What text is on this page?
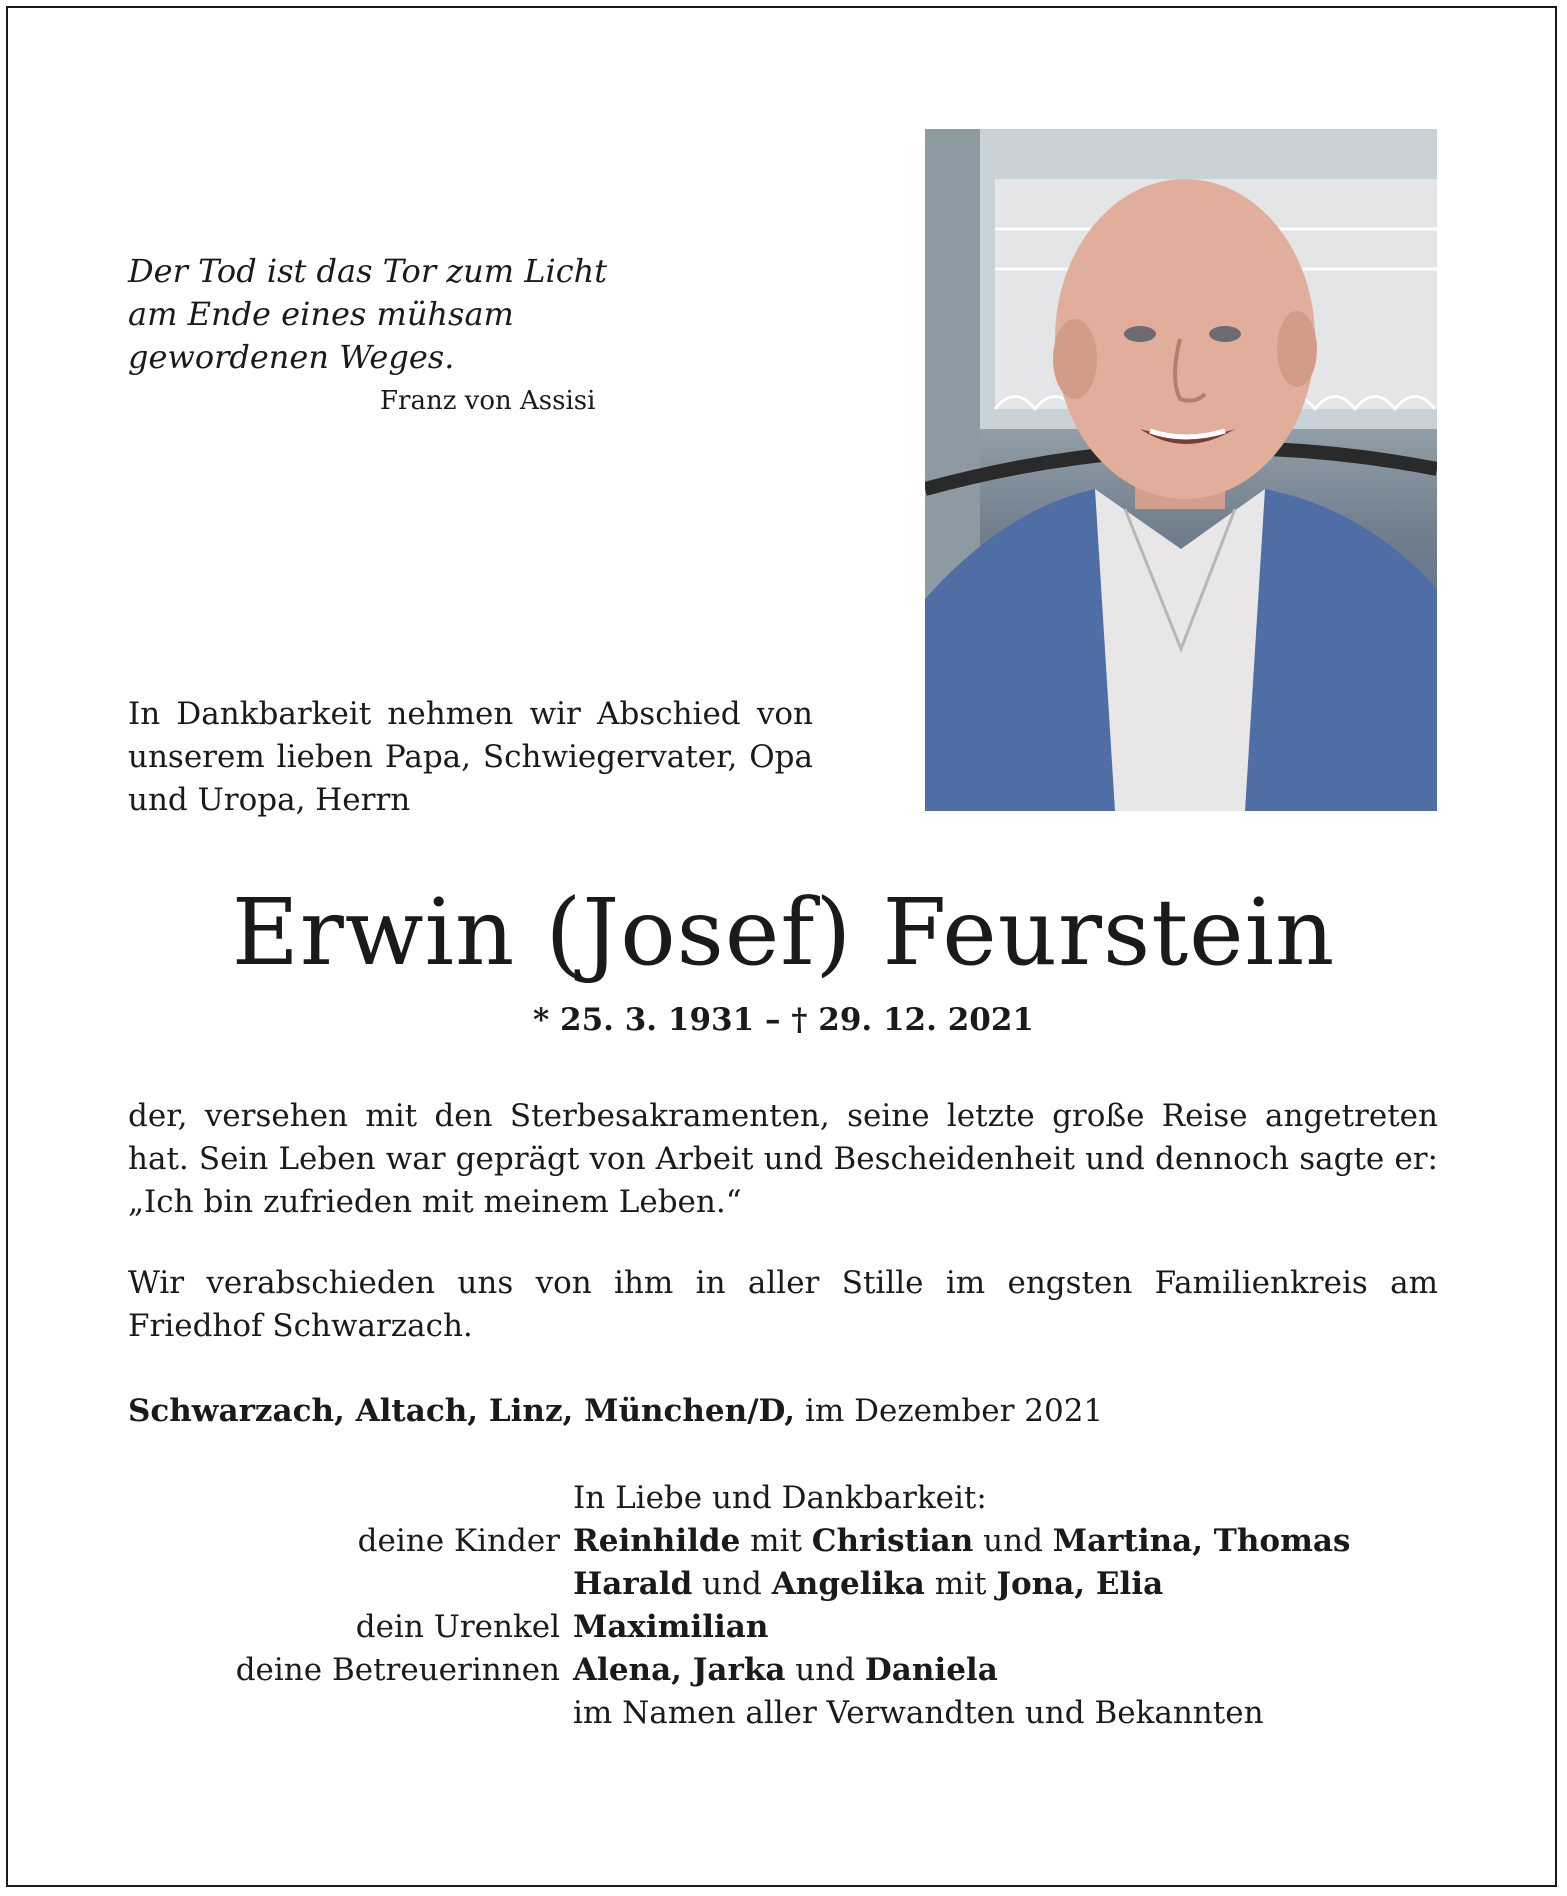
Der Tod ist das Tor zum Licht
am Ende eines mühsam
gewordenen Weges.
Franz von Assisi
In Dankbarkeit nehmen wir Abschied von unserem lieben Papa, Schwiegervater, Opa und Uropa, Herrn
Erwin (Josef) Feurstein
* 25. 3. 1931 – † 29. 12. 2021
der, versehen mit den Sterbesakramenten, seine letzte große Reise angetreten hat. Sein Leben war geprägt von Arbeit und Bescheidenheit und dennoch sagte er: „Ich bin zufrieden mit meinem Leben.“
Wir verabschieden uns von ihm in aller Stille im engsten Familienkreis am Friedhof Schwarzach.
Schwarzach, Altach, Linz, München/D, im Dezember 2021
In Liebe und Dankbarkeit:
deine Kinder Reinhilde mit Christian und Martina, Thomas
Harald und Angelika mit Jona, Elia
dein Urenkel Maximilian
deine Betreuerinnen Alena, Jarka und Daniela
im Namen aller Verwandten und Bekannten
